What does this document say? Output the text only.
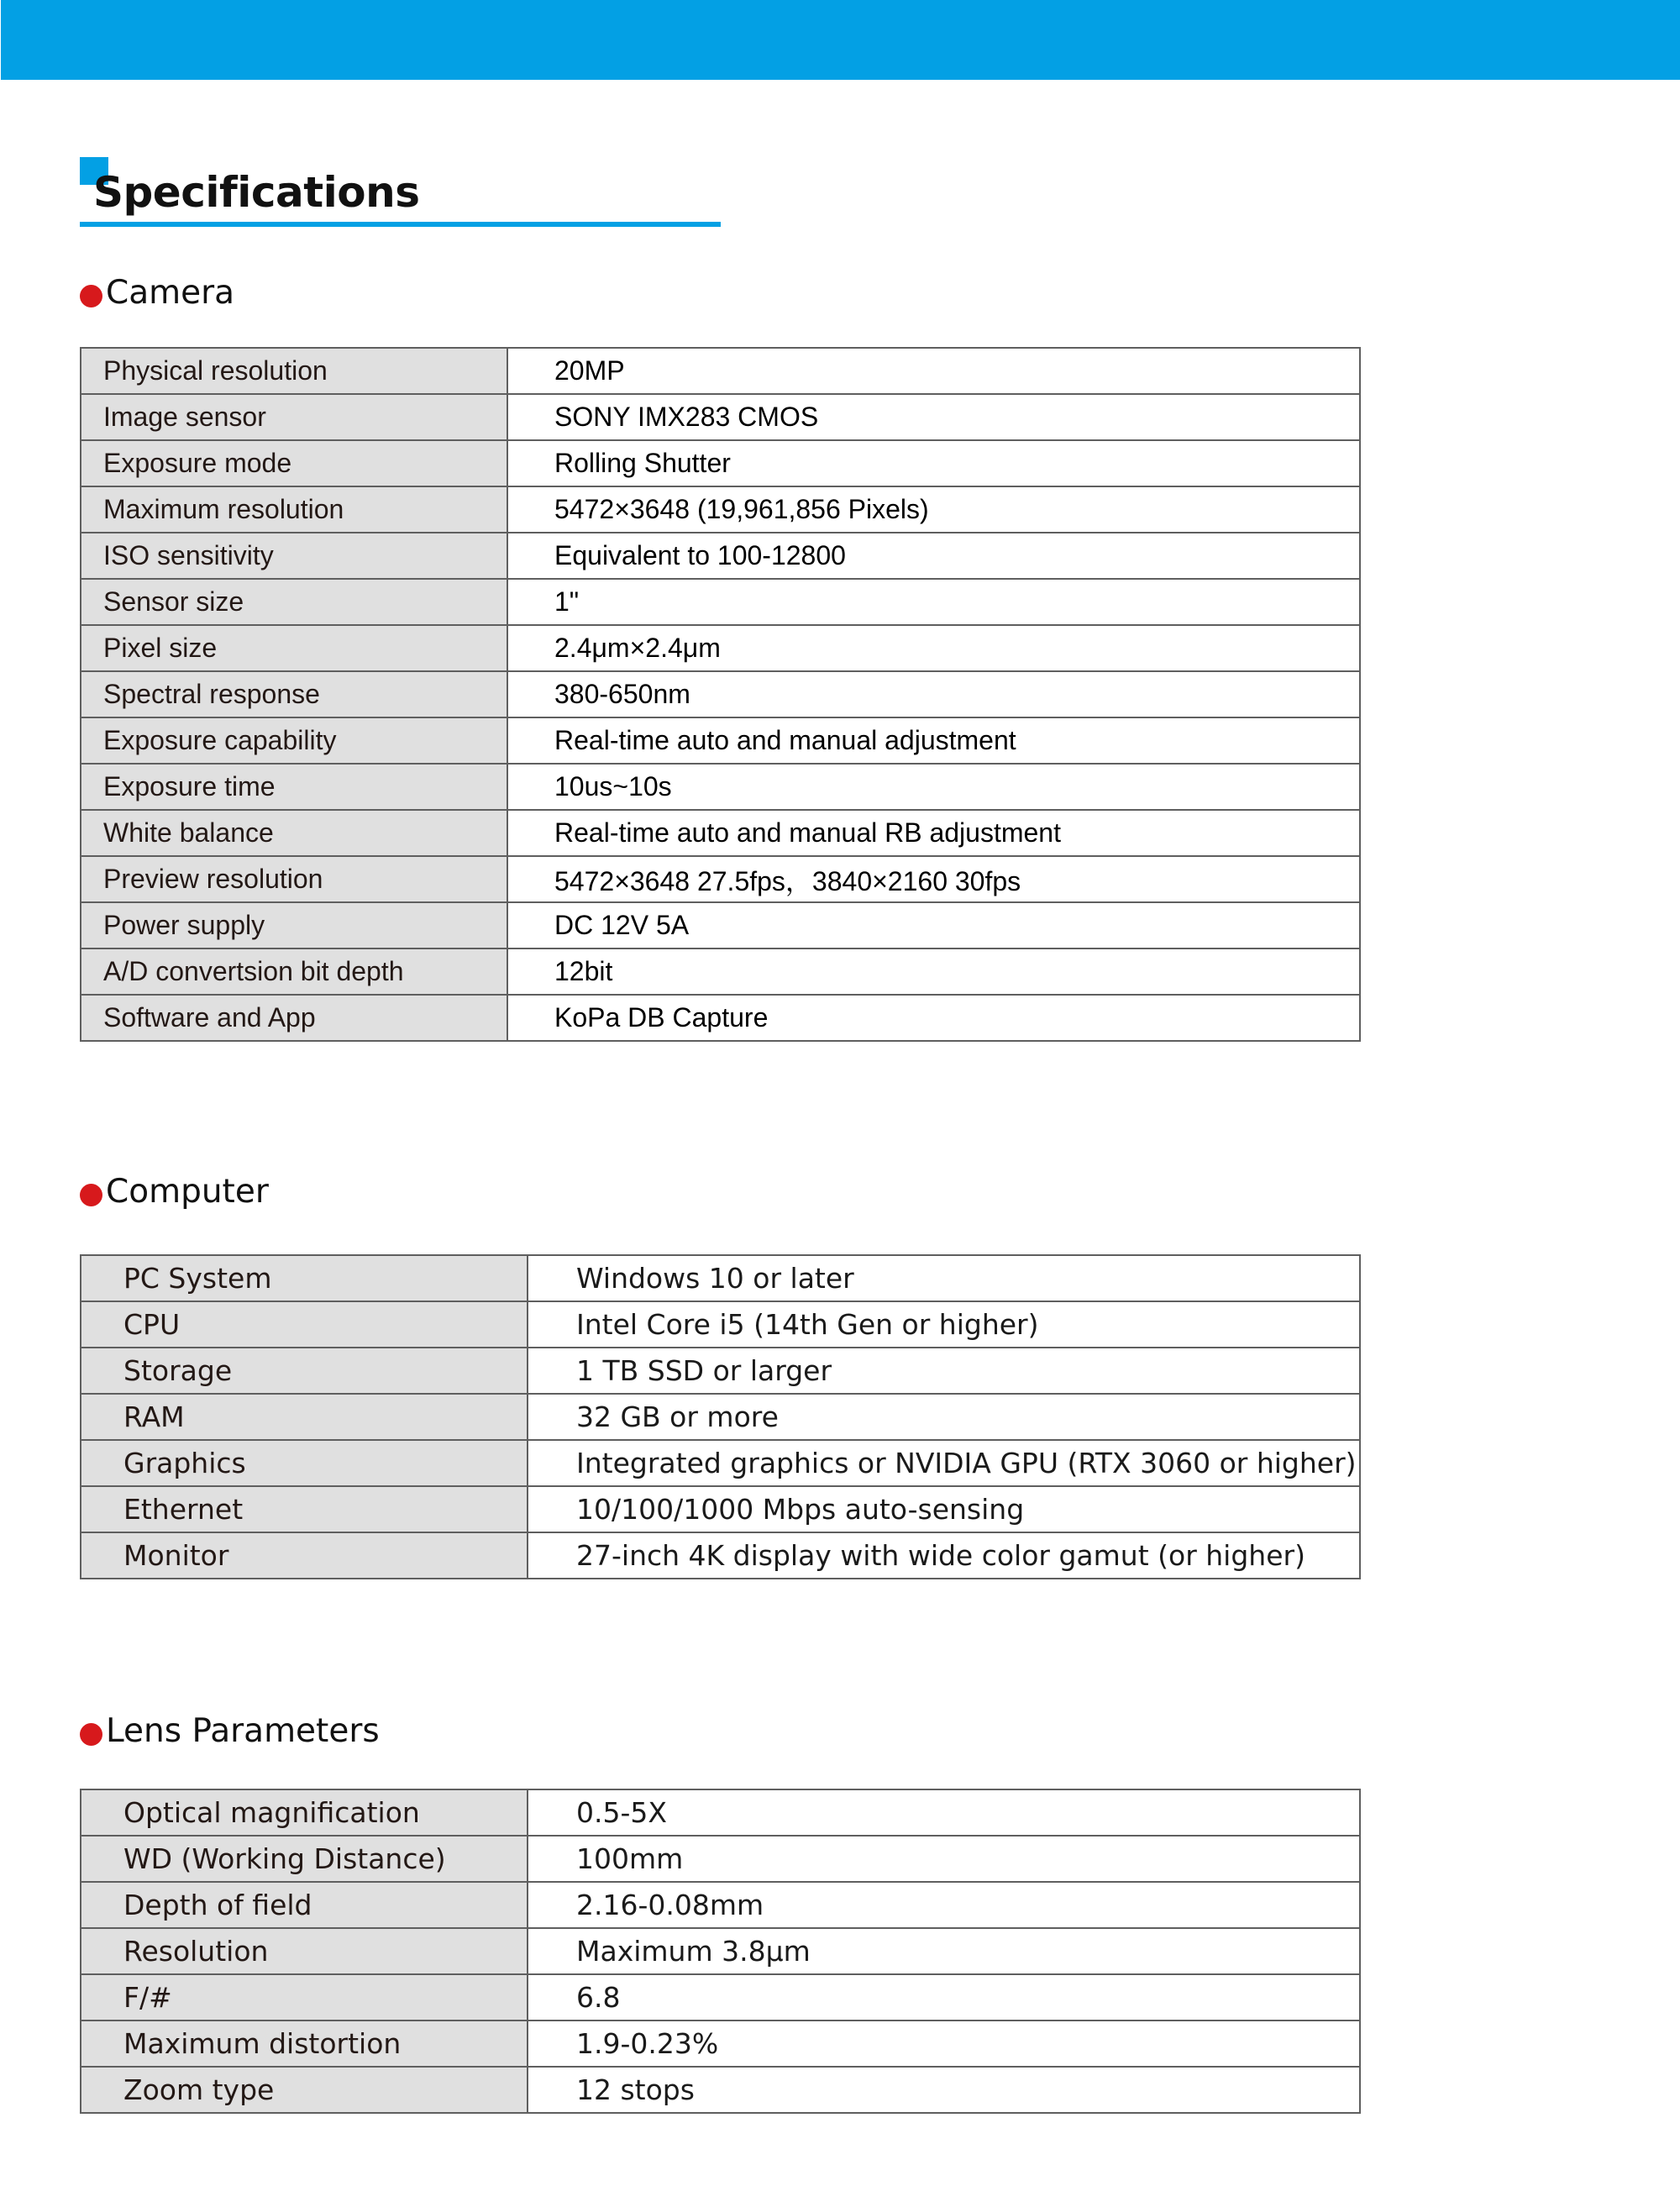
Specifications
Camera
Physical resolution	20MP
Image sensor	SONY IMX283 CMOS
Exposure mode	Rolling Shutter
Maximum resolution	5472×3648 (19,961,856 Pixels)
ISO sensitivity	Equivalent to 100-12800
Sensor size	1"
Pixel size	2.4μm×2.4μm
Spectral response	380-650nm
Exposure capability	Real-time auto and manual adjustment
Exposure time	10us~10s
White balance	Real-time auto and manual RB adjustment
Preview resolution	5472×3648 27.5fps，3840×2160 30fps
Power supply	DC 12V 5A
A/D convertsion bit depth	12bit
Software and App	KoPa DB Capture
Computer
PC System	Windows 10 or later
CPU	Intel Core i5 (14th Gen or higher)
Storage	1 TB SSD or larger
RAM	32 GB or more
Graphics	Integrated graphics or NVIDIA GPU (RTX 3060 or higher)
Ethernet	10/100/1000 Mbps auto-sensing
Monitor	27-inch 4K display with wide color gamut (or higher)
Lens Parameters
Optical magnification	0.5-5X
WD (Working Distance)	100mm
Depth of field	2.16-0.08mm
Resolution	Maximum 3.8μm
F/#	6.8
Maximum distortion	1.9-0.23%
Zoom type	12 stops
